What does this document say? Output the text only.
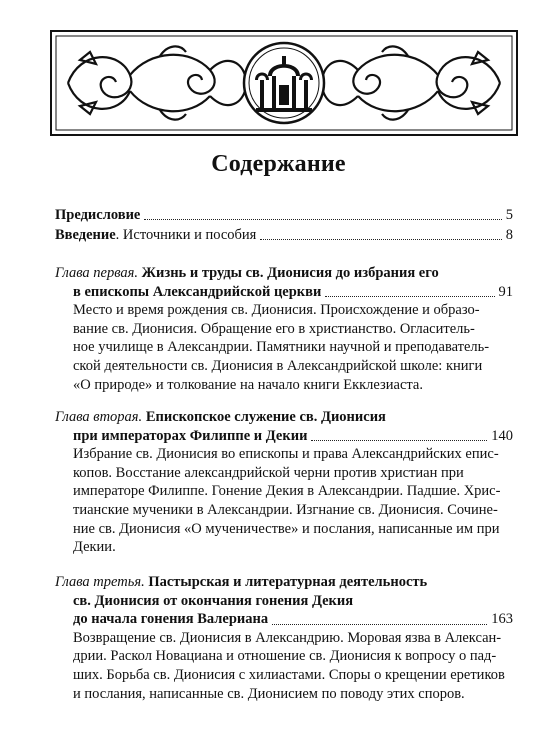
Содержание
Предисловие	5
Введение . Источники и пособия	8
Глава первая. Жизнь и труды св. Дионисия до избрания его
в епископы Александрийской церкви	91
Место и время рождения св. Дионисия. Происхождение и образо-
вание св. Дионисия. Обращение его в христианство. Огласитель-
ное училище в Александрии. Памятники научной и преподаватель-
ской деятельности св. Дионисия в Александрийской школе: книги
«О природе» и толкование на начало книги Екклезиаста.
Глава вторая. Епископское служение св. Дионисия
при императорах Филиппе и Декии	140
Избрание св. Дионисия во епископы и права Александрийских епис-
копов. Восстание александрийской черни против христиан при
императоре Филиппе. Гонение Декия в Александрии. Падшие. Хрис-
тианские мученики в Александрии. Изгнание св. Дионисия. Сочине-
ние св. Дионисия «О мученичестве» и послания, написанные им при
Декии.
Глава третья. Пастырская и литературная деятельность
св. Дионисия от окончания гонения Декия
до начала гонения Валериана	163
Возвращение св. Дионисия в Александрию. Моровая язва в Алексан-
дрии. Раскол Новациана и отношение св. Дионисия к вопросу о пад-
ших. Борьба св. Дионисия с хилиастами. Споры о крещении еретиков
и послания, написанные св. Дионисием по поводу этих споров.
